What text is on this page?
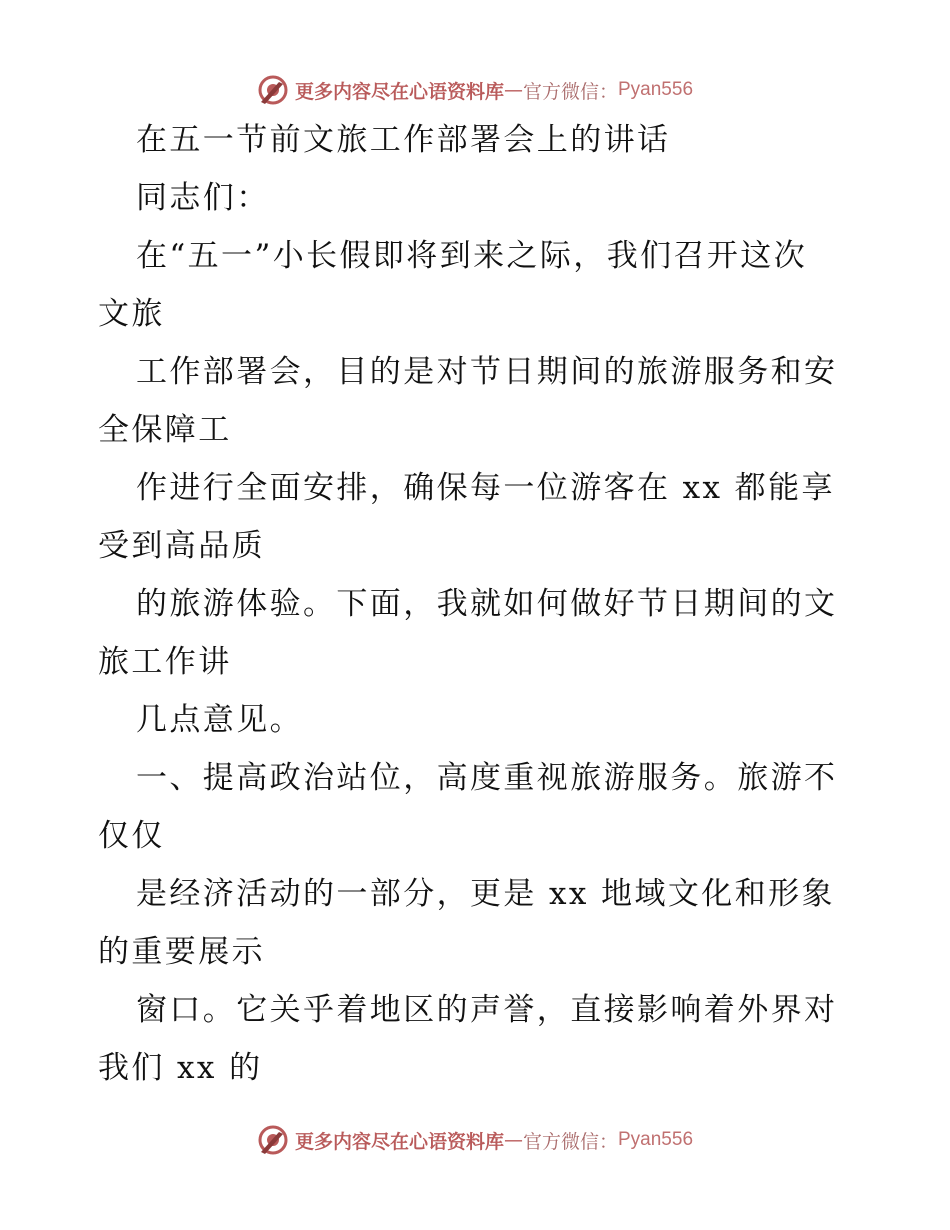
更多内容尽在心语资料库 — 官方微信： Pyan556
在五一节前文旅工作部署会上的讲话
同志们：
在“五一”小长假即将到来之际，我们召开这次
文旅
工作部署会，目的是对节日期间的旅游服务和安
全保障工
作进行全面安排，确保每一位游客在 xx 都能享
受到高品质
的旅游体验。下面，我就如何做好节日期间的文
旅工作讲
几点意见。
一、提高政治站位，高度重视旅游服务。旅游不
仅仅
是经济活动的一部分，更是 xx 地域文化和形象
的重要展示
窗口。它关乎着地区的声誉，直接影响着外界对
我们 xx 的
更多内容尽在心语资料库 — 官方微信： Pyan556
